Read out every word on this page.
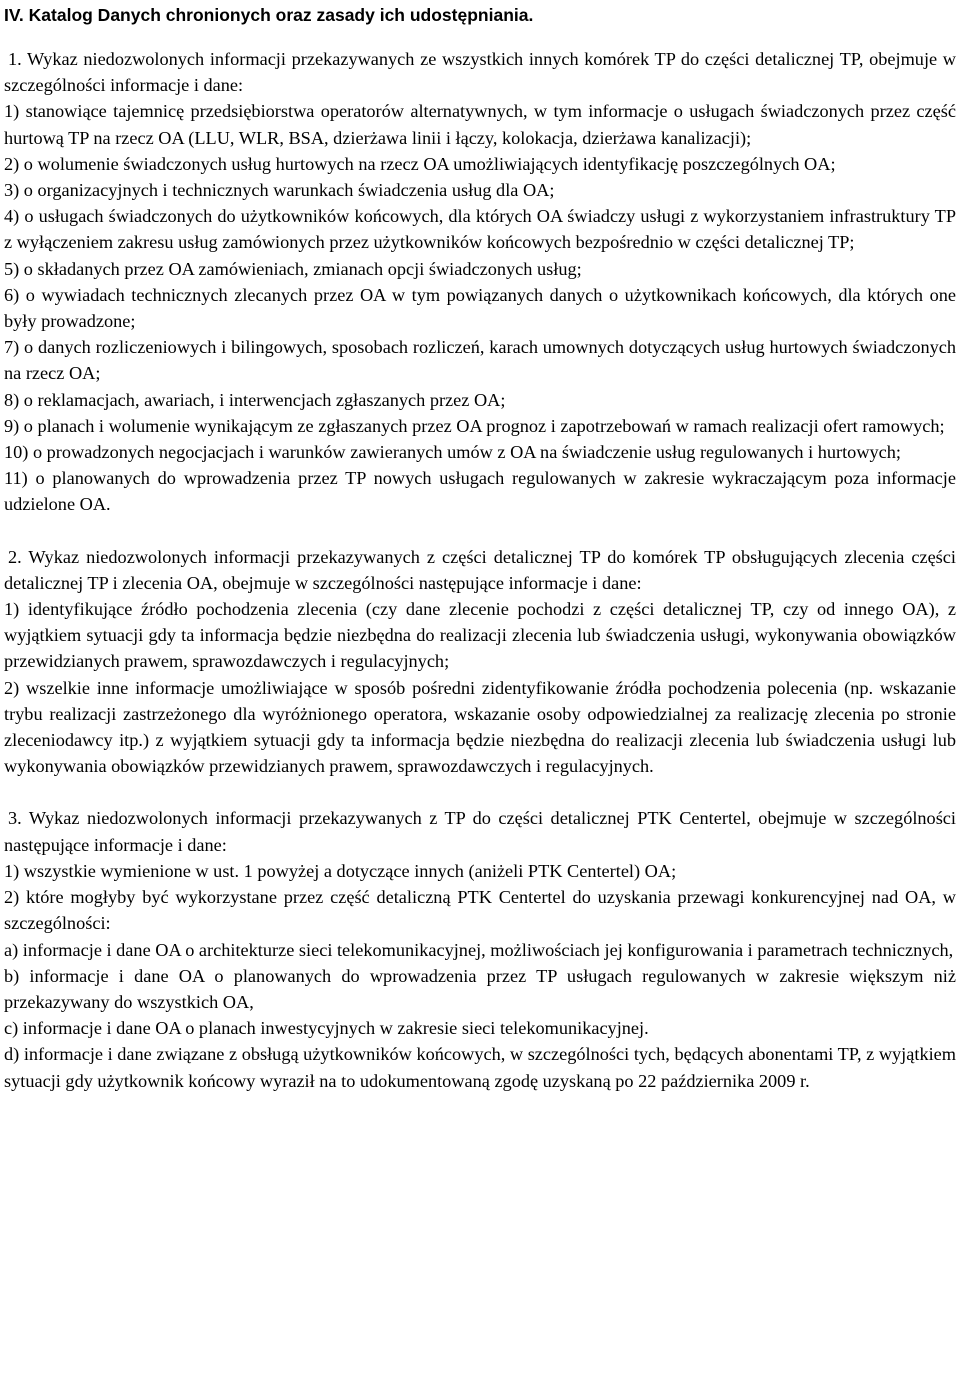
IV. Katalog Danych chronionych oraz zasady ich udostępniania.

1. Wykaz niedozwolonych informacji przekazywanych ze wszystkich innych komórek TP do części detalicznej TP, obejmuje w szczególności informacje i dane:

1) stanowiące tajemnicę przedsiębiorstwa operatorów alternatywnych, w tym informacje o usługach świadczonych przez część hurtową TP na rzecz OA (LLU, WLR, BSA, dzierżawa linii i łączy, kolokacja, dzierżawa kanalizacji);

2) o wolumenie świadczonych usług hurtowych na rzecz OA umożliwiających identyfikację poszczególnych OA;

3) o organizacyjnych i technicznych warunkach świadczenia usług dla OA;

4) o usługach świadczonych do użytkowników końcowych, dla których OA świadczy usługi z wykorzystaniem infrastruktury TP z wyłączeniem zakresu usług zamówionych przez użytkowników końcowych bezpośrednio w części detalicznej TP;

5) o składanych przez OA zamówieniach, zmianach opcji świadczonych usług;

6) o wywiadach technicznych zlecanych przez OA w tym powiązanych danych o użytkownikach końcowych, dla których one były prowadzone;

7) o danych rozliczeniowych i bilingowych, sposobach rozliczeń, karach umownych dotyczących usług hurtowych świadczonych na rzecz OA;

8) o reklamacjach, awariach, i interwencjach zgłaszanych przez OA;

9) o planach i wolumenie wynikającym ze zgłaszanych przez OA prognoz i zapotrzebowań w ramach realizacji ofert ramowych;

10) o prowadzonych negocjacjach i warunków zawieranych umów z OA na świadczenie usług regulowanych i hurtowych;

11) o planowanych do wprowadzenia przez TP nowych usługach regulowanych w zakresie wykraczającym poza informacje udzielone OA.

2. Wykaz niedozwolonych informacji przekazywanych z części detalicznej TP do komórek TP obsługujących zlecenia części detalicznej TP i zlecenia OA, obejmuje w szczególności następujące informacje i dane:

1) identyfikujące źródło pochodzenia zlecenia (czy dane zlecenie pochodzi z części detalicznej TP, czy od innego OA), z wyjątkiem sytuacji gdy ta informacja będzie niezbędna do realizacji zlecenia lub świadczenia usługi, wykonywania obowiązków przewidzianych prawem, sprawozdawczych i regulacyjnych;

2) wszelkie inne informacje umożliwiające w sposób pośredni zidentyfikowanie źródła pochodzenia polecenia (np. wskazanie trybu realizacji zastrzeżonego dla wyróżnionego operatora, wskazanie osoby odpowiedzialnej za realizację zlecenia po stronie zleceniodawcy itp.) z wyjątkiem sytuacji gdy ta informacja będzie niezbędna do realizacji zlecenia lub świadczenia usługi lub wykonywania obowiązków przewidzianych prawem, sprawozdawczych i regulacyjnych.

3. Wykaz niedozwolonych informacji przekazywanych z TP do części detalicznej PTK Centertel, obejmuje w szczególności następujące informacje i dane:

1) wszystkie wymienione w ust. 1 powyżej a dotyczące innych (aniżeli PTK Centertel) OA;

2) które mogłyby być wykorzystane przez część detaliczną PTK Centertel do uzyskania przewagi konkurencyjnej nad OA, w szczególności:

a) informacje i dane OA o architekturze sieci telekomunikacyjnej, możliwościach jej konfigurowania i parametrach technicznych,

b) informacje i dane OA o planowanych do wprowadzenia przez TP usługach regulowanych w zakresie większym niż przekazywany do wszystkich OA,

c) informacje i dane OA o planach inwestycyjnych w zakresie sieci telekomunikacyjnej.

d) informacje i dane związane z obsługą użytkowników końcowych, w szczególności tych, będących abonentami TP, z wyjątkiem sytuacji gdy użytkownik końcowy wyraził na to udokumentowaną zgodę uzyskaną po 22 października 2009 r.
